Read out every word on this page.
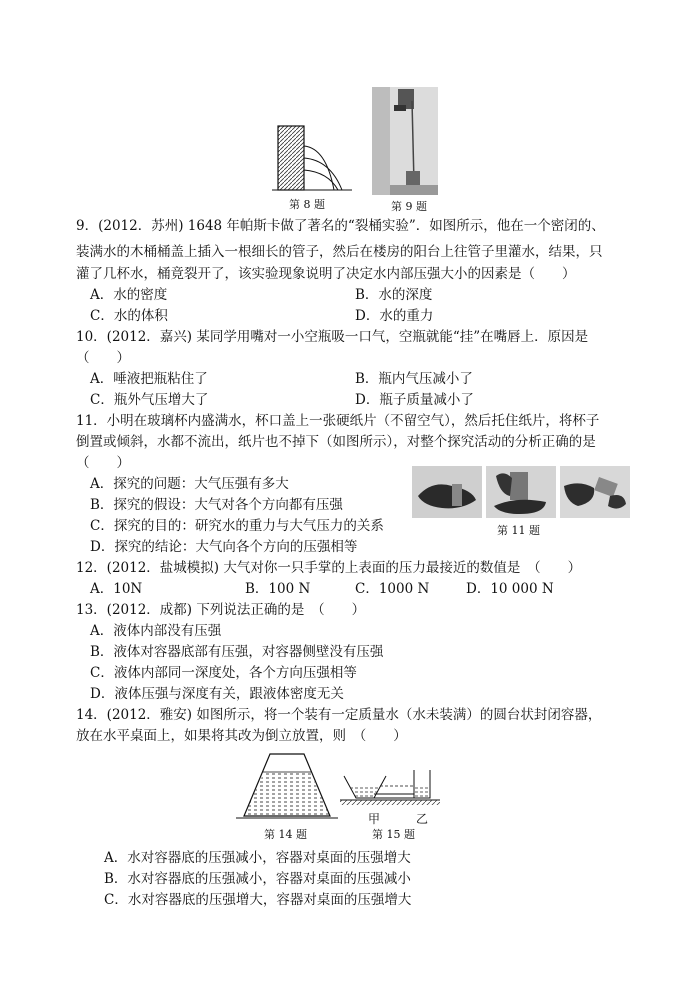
第 8 题	第 9 题
9．(2012．苏州) 1648 年帕斯卡做了著名的“裂桶实验”．如图所示，他在一个密闭的、
装满水的木桶桶盖上插入一根细长的管子，然后在楼房的阳台上往管子里灌水，结果，只
灌了几杯水，桶竟裂开了，该实验现象说明了决定水内部压强大小的因素是（　　）
A．水的密度	B．水的深度
C．水的体积	D．水的重力
10．(2012．嘉兴) 某同学用嘴对一小空瓶吸一口气，空瓶就能“挂”在嘴唇上．原因是
（　　）
A．唾液把瓶粘住了	B．瓶内气压减小了
C．瓶外气压增大了	D．瓶子质量减小了
11．小明在玻璃杯内盛满水，杯口盖上一张硬纸片（不留空气），然后托住纸片，将杯子
倒置或倾斜，水都不流出，纸片也不掉下（如图所示），对整个探究活动的分析正确的是
（　　）
A．探究的问题：大气压强有多大
B．探究的假设：大气对各个方向都有压强
C．探究的目的：研究水的重力与大气压力的关系
D．探究的结论：大气向各个方向的压强相等
第 11 题
12．(2012．盐城模拟) 大气对你一只手掌的上表面的压力最接近的数值是　（　　）
A．10N	B．100 N	C．1000 N	D．10 000 N
13．(2012．成都) 下列说法正确的是　（　　）
A．液体内部没有压强
B．液体对容器底部有压强，对容器侧壁没有压强
C．液体内部同一深度处，各个方向压强相等
D．液体压强与深度有关，跟液体密度无关
14．(2012．雅安) 如图所示，将一个装有一定质量水（水未装满）的圆台状封闭容器，
放在水平桌面上，如果将其改为倒立放置，则　（　　）
第 14 题
甲	乙
第 15 题
A．水对容器底的压强减小，容器对桌面的压强增大
B．水对容器底的压强减小，容器对桌面的压强减小
C．水对容器底的压强增大，容器对桌面的压强增大
